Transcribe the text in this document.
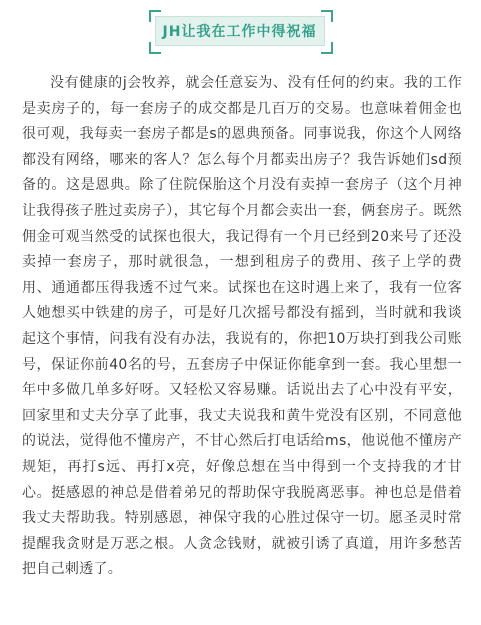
JH让我在工作中得祝福

没有健康的j会牧养，就会任意妄为、没有任何的约束。我的工作是卖房子的，每一套房子的成交都是几百万的交易。也意味着佣金也很可观，我每卖一套房子都是s的恩典预备。同事说我，你这个人网络都没有网络，哪来的客人？怎么每个月都卖出房子？我告诉她们sd预备的。这是恩典。除了住院保胎这个月没有卖掉一套房子（这个月神让我得孩子胜过卖房子），其它每个月都会卖出一套，俩套房子。既然佣金可观当然受的试探也很大，我记得有一个月已经到20来号了还没卖掉一套房子，那时就很急，一想到租房子的费用、孩子上学的费用、通通都压得我透不过气来。试探也在这时遇上来了，我有一位客人她想买中铁建的房子，可是好几次摇号都没有摇到，当时就和我谈起这个事情，问我有没有办法，我说有的，你把10万块打到我公司账号，保证你前40名的号，五套房子中保证你能拿到一套。我心里想一年中多做几单多好呀。又轻松又容易赚。话说出去了心中没有平安，回家里和丈夫分享了此事，我丈夫说我和黄牛党没有区别，不同意他的说法，觉得他不懂房产，不甘心然后打电话给ms，他说他不懂房产规矩，再打s远、再打x亮，好像总想在当中得到一个支持我的才甘心。挺感恩的神总是借着弟兄的帮助保守我脱离恶事。神也总是借着我丈夫帮助我。特别感恩，神保守我的心胜过保守一切。愿圣灵时常提醒我贪财是万恶之根。人贪念钱财，就被引诱了真道，用许多愁苦把自己刺透了。
